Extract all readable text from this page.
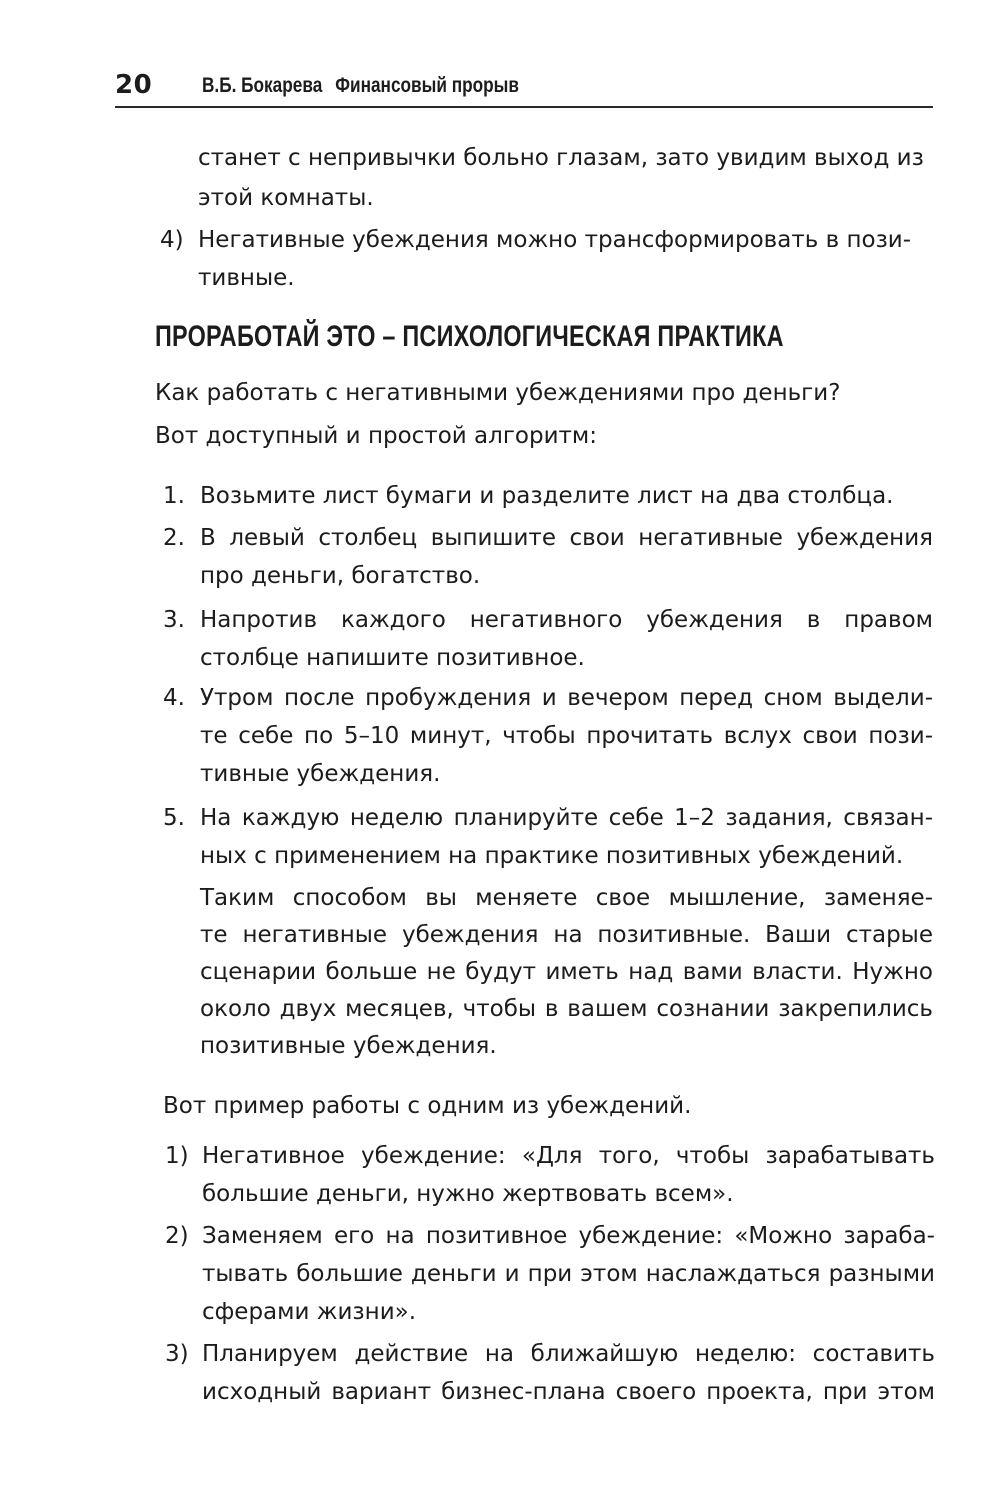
20 В.Б. Бокарева Финансовый прорыв
станет с непривычки больно глазам, зато увидим выход из
этой комнаты.
4) Негативные убеждения можно трансформировать в пози-
тивные.
ПРОРАБОТАЙ ЭТО – ПСИХОЛОГИЧЕСКАЯ ПРАКТИКА
Как работать с негативными убеждениями про деньги?
Вот доступный и простой алгоритм:
1. Возьмите лист бумаги и разделите лист на два столбца.
2. В левый столбец выпишите свои негативные убеждения
про деньги, богатство.
3. Напротив каждого негативного убеждения в правом
столбце напишите позитивное.
4. Утром после пробуждения и вечером перед сном выдели-
те себе по 5–10 минут, чтобы прочитать вслух свои пози-
тивные убеждения.
5. На каждую неделю планируйте себе 1–2 задания, связан-
ных с применением на практике позитивных убеждений.
Таким способом вы меняете свое мышление, заменяе-
те негативные убеждения на позитивные. Ваши старые
сценарии больше не будут иметь над вами власти. Нужно
около двух месяцев, чтобы в вашем сознании закрепились
позитивные убеждения.
Вот пример работы с одним из убеждений.
1) Негативное убеждение: «Для того, чтобы зарабатывать
большие деньги, нужно жертвовать всем».
2) Заменяем его на позитивное убеждение: «Можно зараба-
тывать большие деньги и при этом наслаждаться разными
сферами жизни».
3) Планируем действие на ближайшую неделю: составить
исходный вариант бизнес-плана своего проекта, при этом
